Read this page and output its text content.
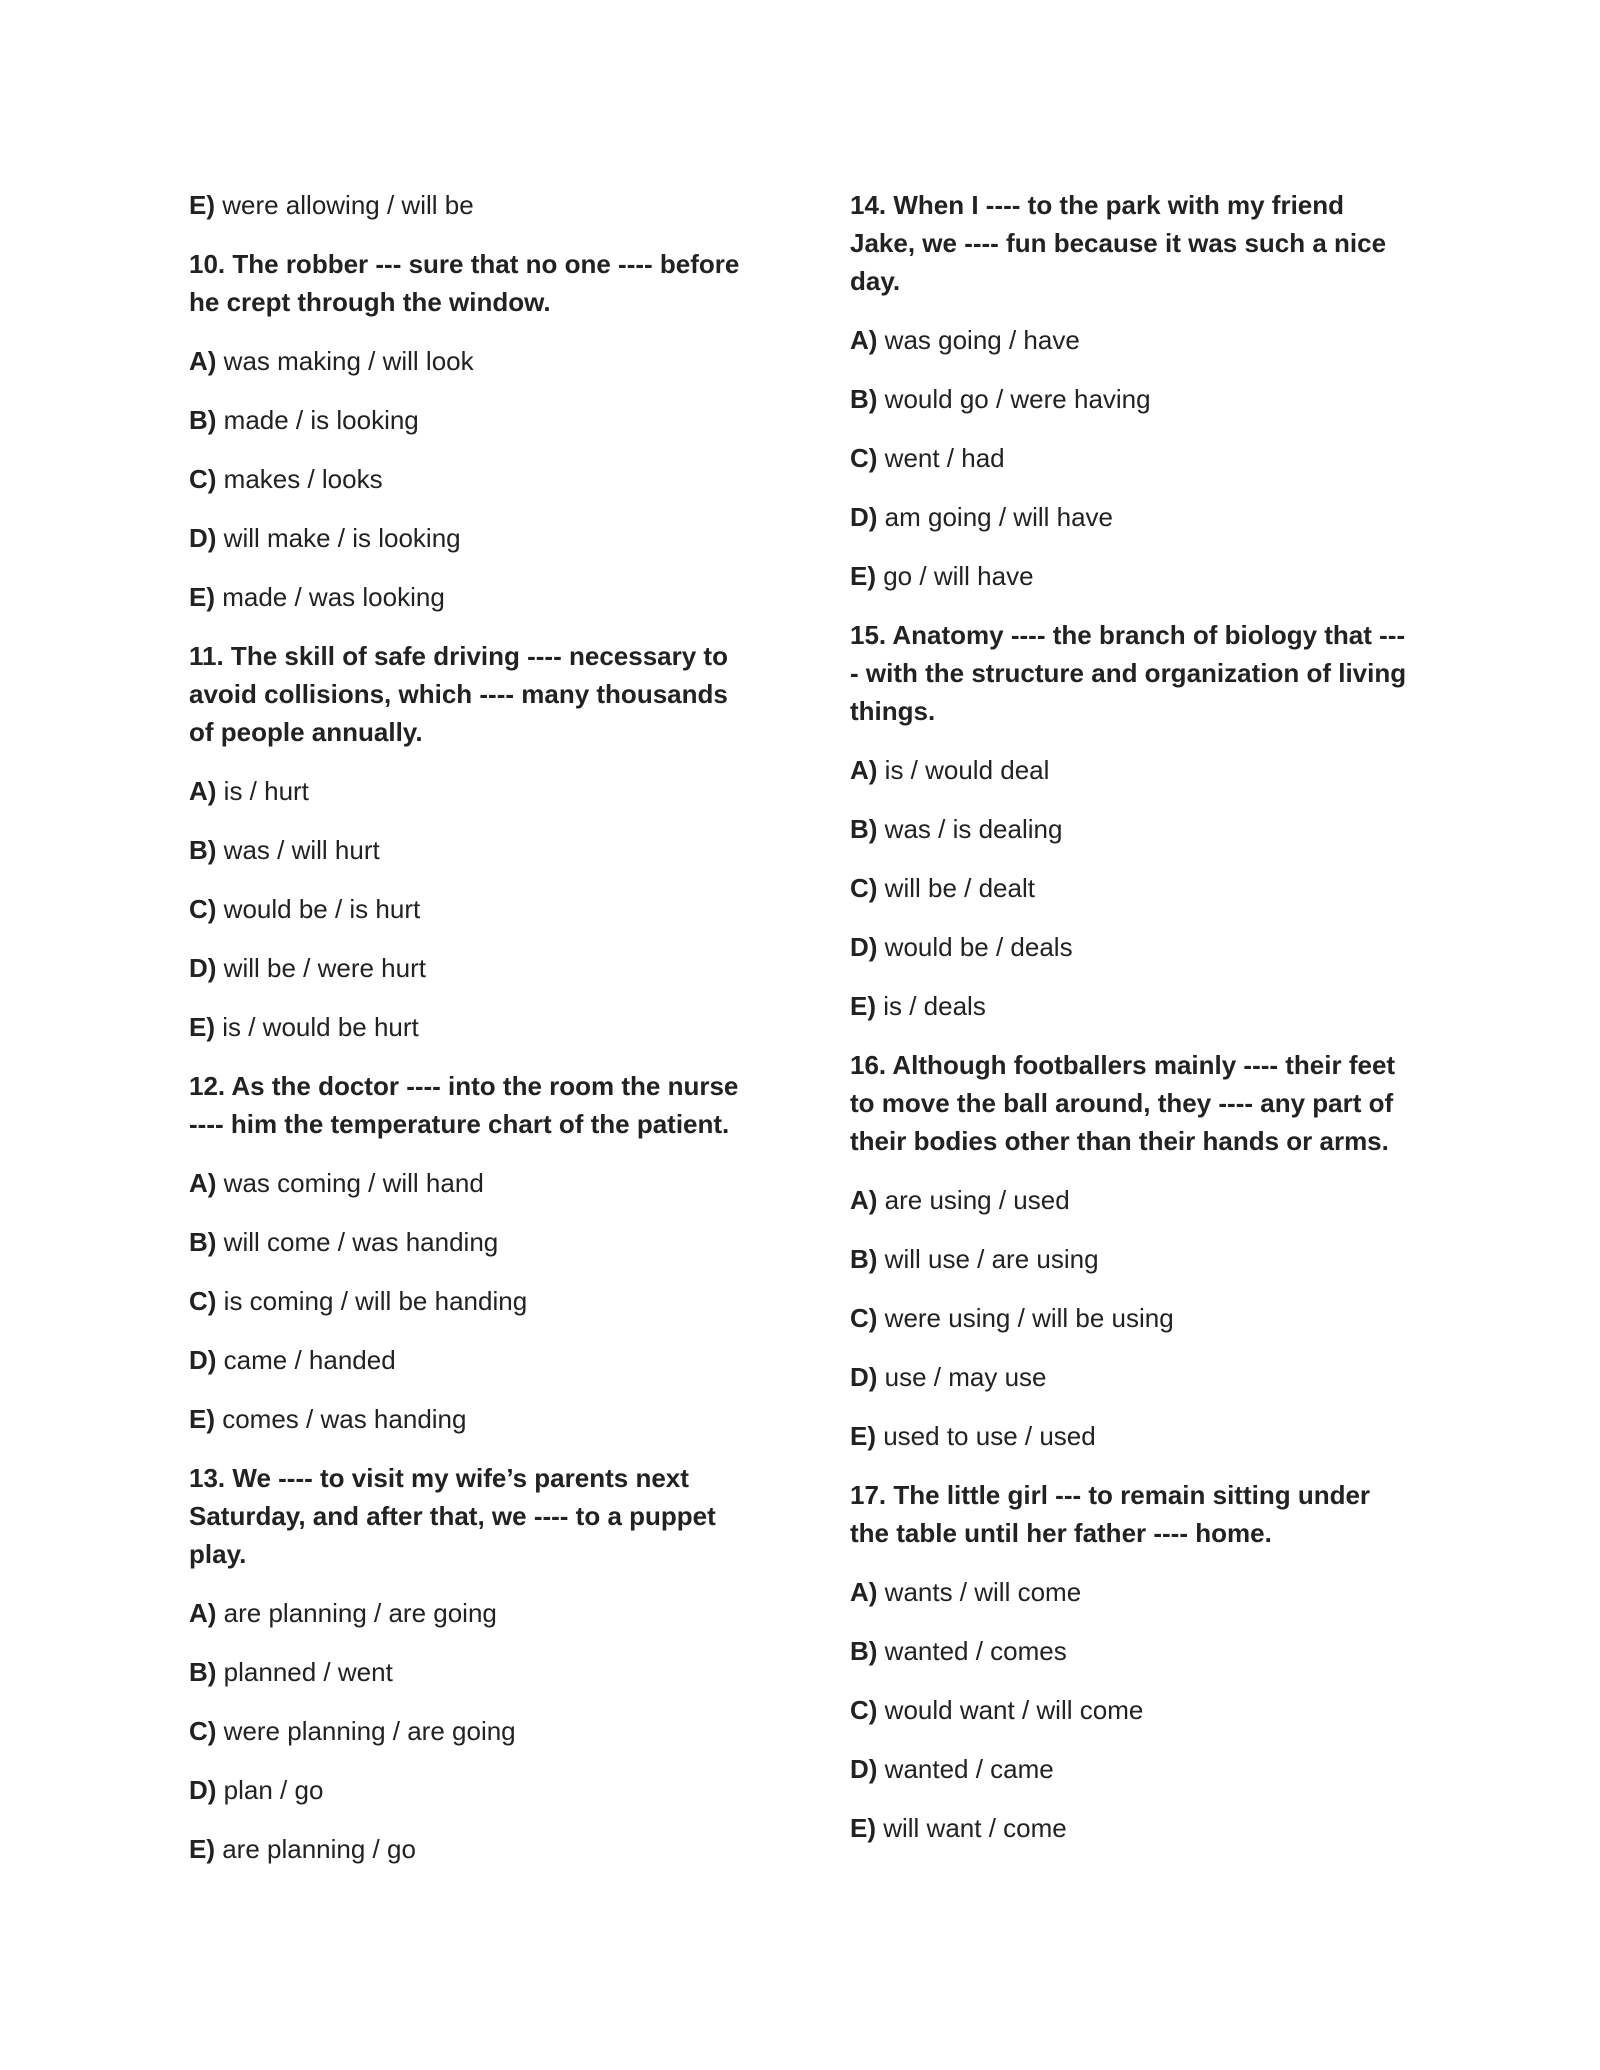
E) were allowing / will be
10. The robber --- sure that no one ---- before he crept through the window.
A) was making / will look
B) made / is looking
C) makes / looks
D) will make / is looking
E) made / was looking
11. The skill of safe driving ---- necessary to avoid collisions, which ---- many thousands of people annually.
A) is / hurt
B) was / will hurt
C) would be / is hurt
D) will be / were hurt
E) is / would be hurt
12. As the doctor ---- into the room the nurse ---- him the temperature chart of the patient.
A) was coming / will hand
B) will come / was handing
C) is coming / will be handing
D) came / handed
E) comes / was handing
13. We ---- to visit my wife’s parents next Saturday, and after that, we ---- to a puppet play.
A) are planning / are going
B) planned / went
C) were planning / are going
D) plan / go
E) are planning / go
14. When I ---- to the park with my friend Jake, we ---- fun because it was such a nice day.
A) was going / have
B) would go / were having
C) went / had
D) am going / will have
E) go / will have
15. Anatomy ---- the branch of biology that ---- with the structure and organization of living things.
A) is / would deal
B) was / is dealing
C) will be / dealt
D) would be / deals
E) is / deals
16. Although footballers mainly ---- their feet to move the ball around, they ---- any part of their bodies other than their hands or arms.
A) are using / used
B) will use / are using
C) were using / will be using
D) use / may use
E) used to use / used
17. The little girl --- to remain sitting under the table until her father ---- home.
A) wants / will come
B) wanted / comes
C) would want / will come
D) wanted / came
E) will want / come
